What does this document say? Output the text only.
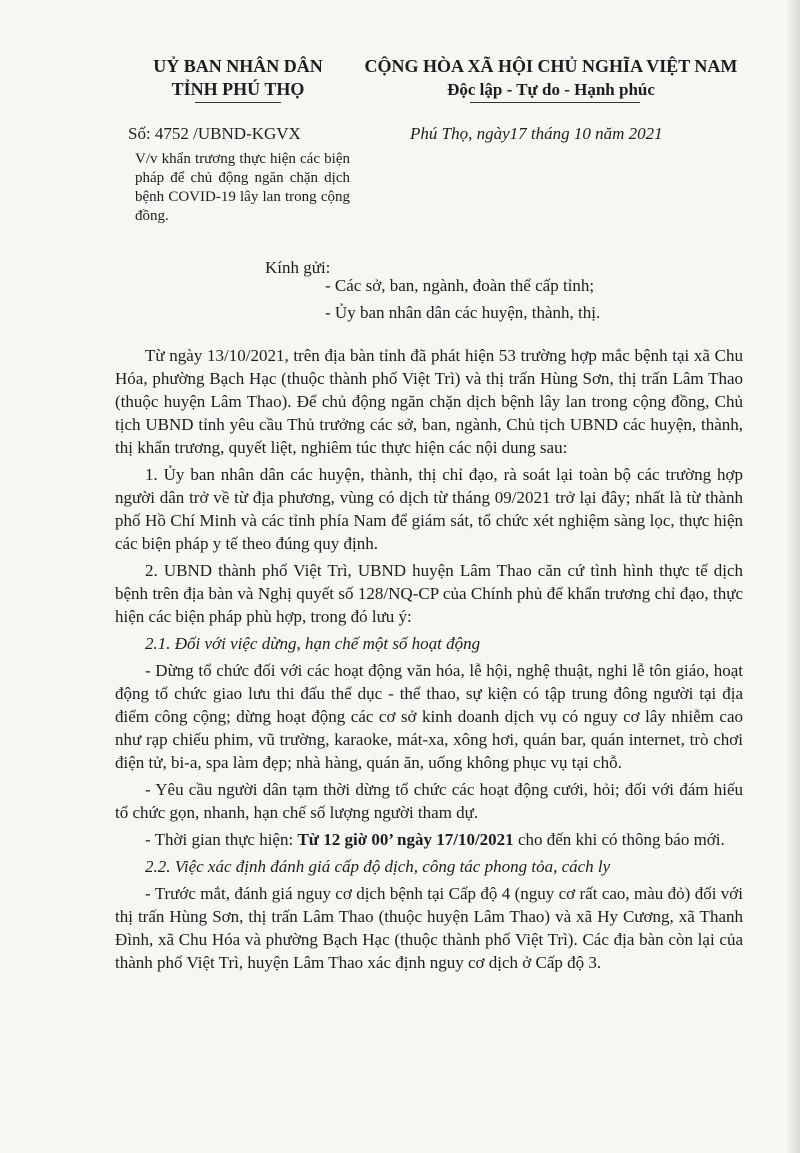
UỶ BAN NHÂN DÂN
TỈNH PHÚ THỌ
CỘNG HÒA XÃ HỘI CHỦ NGHĨA VIỆT NAM
Độc lập - Tự do - Hạnh phúc
Số: 4752 /UBND-KGVX	Phú Thọ, ngày17 tháng 10 năm 2021
V/v khẩn trương thực hiện các biện pháp để chủ động ngăn chặn dịch bệnh COVID-19 lây lan trong cộng đồng.
Kính gửi:
- Các sở, ban, ngành, đoàn thể cấp tỉnh;
- Ủy ban nhân dân các huyện, thành, thị.

Từ ngày 13/10/2021, trên địa bàn tỉnh đã phát hiện 53 trường hợp mắc bệnh tại xã Chu Hóa, phường Bạch Hạc (thuộc thành phố Việt Trì) và thị trấn Hùng Sơn, thị trấn Lâm Thao (thuộc huyện Lâm Thao). Để chủ động ngăn chặn dịch bệnh lây lan trong cộng đồng, Chủ tịch UBND tỉnh yêu cầu Thủ trưởng các sở, ban, ngành, Chủ tịch UBND các huyện, thành, thị khẩn trương, quyết liệt, nghiêm túc thực hiện các nội dung sau:

1. Ủy ban nhân dân các huyện, thành, thị chỉ đạo, rà soát lại toàn bộ các trường hợp người dân trở về từ địa phương, vùng có dịch từ tháng 09/2021 trở lại đây; nhất là từ thành phố Hồ Chí Minh và các tỉnh phía Nam để giám sát, tổ chức xét nghiệm sàng lọc, thực hiện các biện pháp y tế theo đúng quy định.

2. UBND thành phố Việt Trì, UBND huyện Lâm Thao căn cứ tình hình thực tế dịch bệnh trên địa bàn và Nghị quyết số 128/NQ-CP của Chính phủ để khẩn trương chỉ đạo, thực hiện các biện pháp phù hợp, trong đó lưu ý:

2.1. Đối với việc dừng, hạn chế một số hoạt động

- Dừng tổ chức đối với các hoạt động văn hóa, lễ hội, nghệ thuật, nghi lễ tôn giáo, hoạt động tổ chức giao lưu thi đấu thể dục - thể thao, sự kiện có tập trung đông người tại địa điểm công cộng; dừng hoạt động các cơ sở kinh doanh dịch vụ có nguy cơ lây nhiễm cao như rạp chiếu phim, vũ trường, karaoke, mát-xa, xông hơi, quán bar, quán internet, trò chơi điện tử, bi-a, spa làm đẹp; nhà hàng, quán ăn, uống không phục vụ tại chỗ.

- Yêu cầu người dân tạm thời dừng tổ chức các hoạt động cưới, hỏi; đối với đám hiếu tổ chức gọn, nhanh, hạn chế số lượng người tham dự.

- Thời gian thực hiện: Từ 12 giờ 00’ ngày 17/10/2021 cho đến khi có thông báo mới.

2.2. Việc xác định đánh giá cấp độ dịch, công tác phong tỏa, cách ly

- Trước mắt, đánh giá nguy cơ dịch bệnh tại Cấp độ 4 (nguy cơ rất cao, màu đỏ) đối với thị trấn Hùng Sơn, thị trấn Lâm Thao (thuộc huyện Lâm Thao) và xã Hy Cương, xã Thanh Đình, xã Chu Hóa và phường Bạch Hạc (thuộc thành phố Việt Trì). Các địa bàn còn lại của thành phố Việt Trì, huyện Lâm Thao xác định nguy cơ dịch ở Cấp độ 3.
